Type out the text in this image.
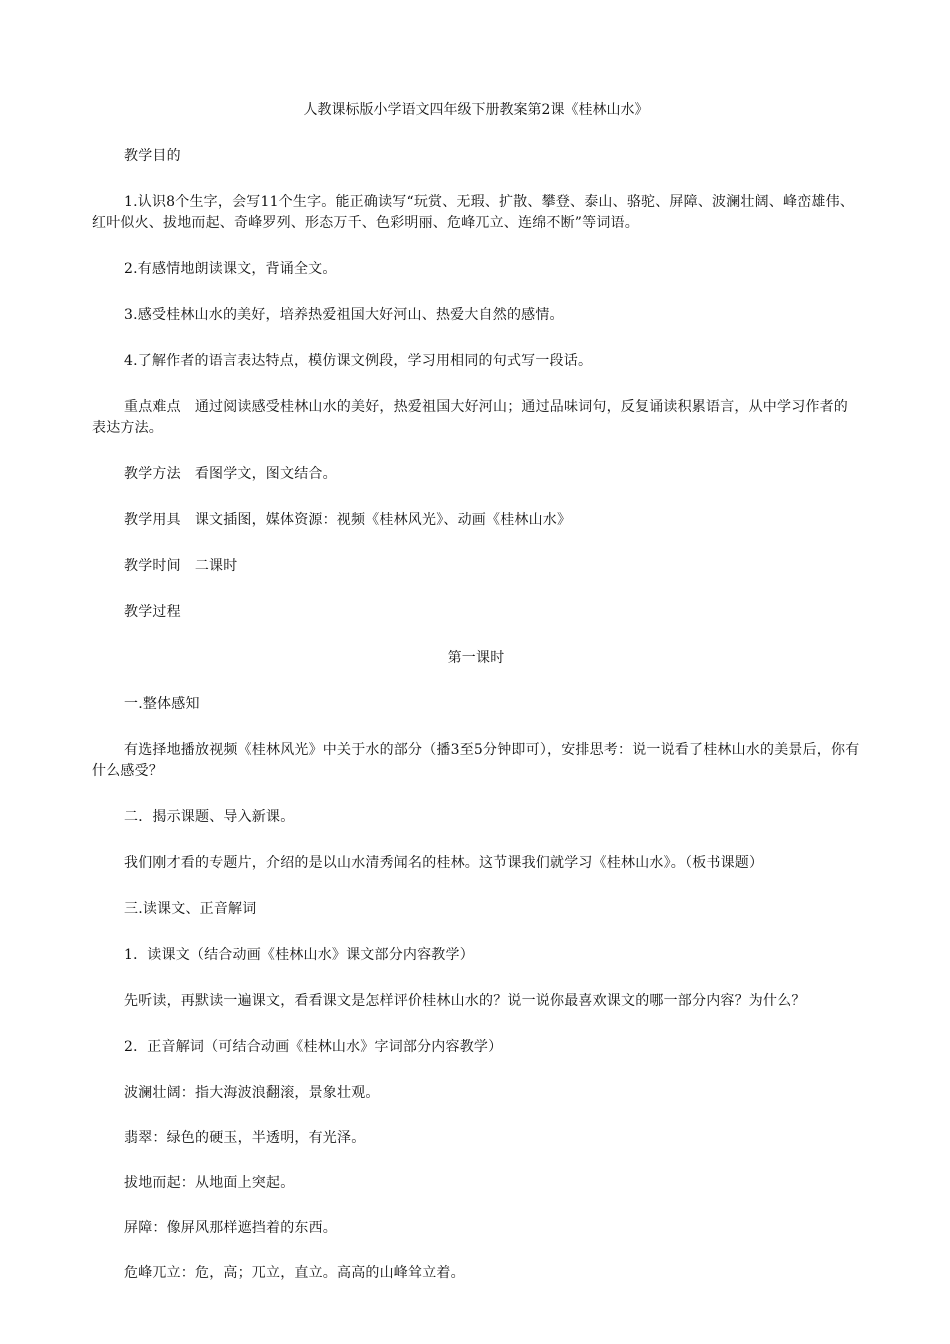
人教课标版小学语文四年级下册教案第2课《桂林山水》

教学目的

1.认识8个生字，会写11个生字。能正确读写“玩赏、无瑕、扩散、攀登、泰山、骆驼、屏障、波澜壮阔、峰峦雄伟、红叶似火、拔地而起、奇峰罗列、形态万千、色彩明丽、危峰兀立、连绵不断”等词语。

2.有感情地朗读课文，背诵全文。

3.感受桂林山水的美好，培养热爱祖国大好河山、热爱大自然的感情。

4.了解作者的语言表达特点，模仿课文例段，学习用相同的句式写一段话。

重点难点 通过阅读感受桂林山水的美好，热爱祖国大好河山；通过品味词句，反复诵读积累语言，从中学习作者的表达方法。

教学方法 看图学文，图文结合。

教学用具 课文插图，媒体资源：视频《桂林风光》、动画《桂林山水》

教学时间 二课时

教学过程

第一课时

一.整体感知

有选择地播放视频《桂林风光》中关于水的部分（播3至5分钟即可），安排思考：说一说看了桂林山水的美景后，你有什么感受？

二．揭示课题、导入新课。

我们刚才看的专题片，介绍的是以山水清秀闻名的桂林。这节课我们就学习《桂林山水》。（板书课题）

三.读课文、正音解词

1．读课文（结合动画《桂林山水》课文部分内容教学）

先听读，再默读一遍课文，看看课文是怎样评价桂林山水的？说一说你最喜欢课文的哪一部分内容？为什么？

2．正音解词（可结合动画《桂林山水》字词部分内容教学）

波澜壮阔：指大海波浪翻滚，景象壮观。

翡翠：绿色的硬玉，半透明，有光泽。

拔地而起：从地面上突起。

屏障：像屏风那样遮挡着的东西。

危峰兀立：危，高；兀立，直立。高高的山峰耸立着。
